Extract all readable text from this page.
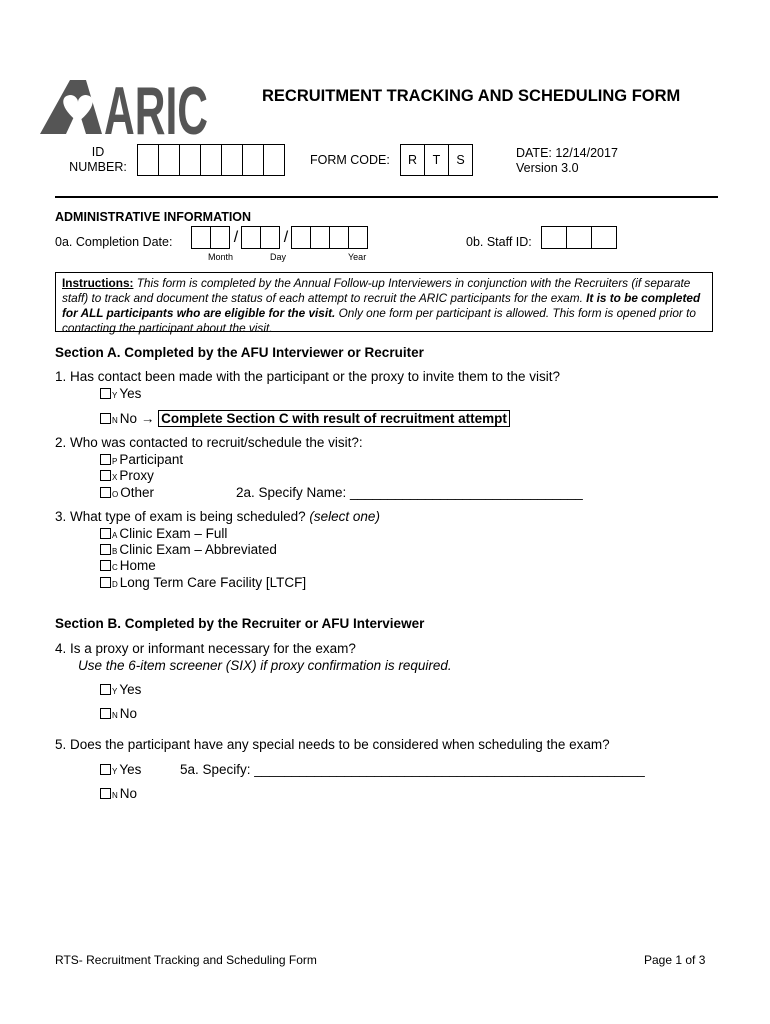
ARIC	RECRUITMENT TRACKING AND SCHEDULING FORM
ID
NUMBER:	FORM CODE:	R	T	S	DATE: 12/14/2017
Version 3.0
ADMINISTRATIVE INFORMATION
0a. Completion Date:	/	/
Month	Day	Year
0b. Staff ID:
Instructions: This form is completed by the Annual Follow-up Interviewers in conjunction with the Recruiters (if separate staff) to track and document the status of each attempt to recruit the ARIC participants for the exam. It is to be completed for ALL participants who are eligible for the visit. Only one form per participant is allowed. This form is opened prior to contacting the participant about the visit.
Section A. Completed by the AFU Interviewer or Recruiter
1. Has contact been made with the participant or the proxy to invite them to the visit?
Y Yes
N No → Complete Section C with result of recruitment attempt
2. Who was contacted to recruit/schedule the visit?:
P Participant
X Proxy
O Other	2a. Specify Name: _______________________________
3. What type of exam is being scheduled? (select one)
A Clinic Exam – Full
B Clinic Exam – Abbreviated
C Home
D Long Term Care Facility [LTCF]
Section B. Completed by the Recruiter or AFU Interviewer
4. Is a proxy or informant necessary for the exam?
Use the 6-item screener (SIX) if proxy confirmation is required.
Y Yes
N No
5. Does the participant have any special needs to be considered when scheduling the exam?
Y Yes	5a. Specify: ____________________________________________________
N No
RTS- Recruitment Tracking and Scheduling Form	Page 1 of 3
